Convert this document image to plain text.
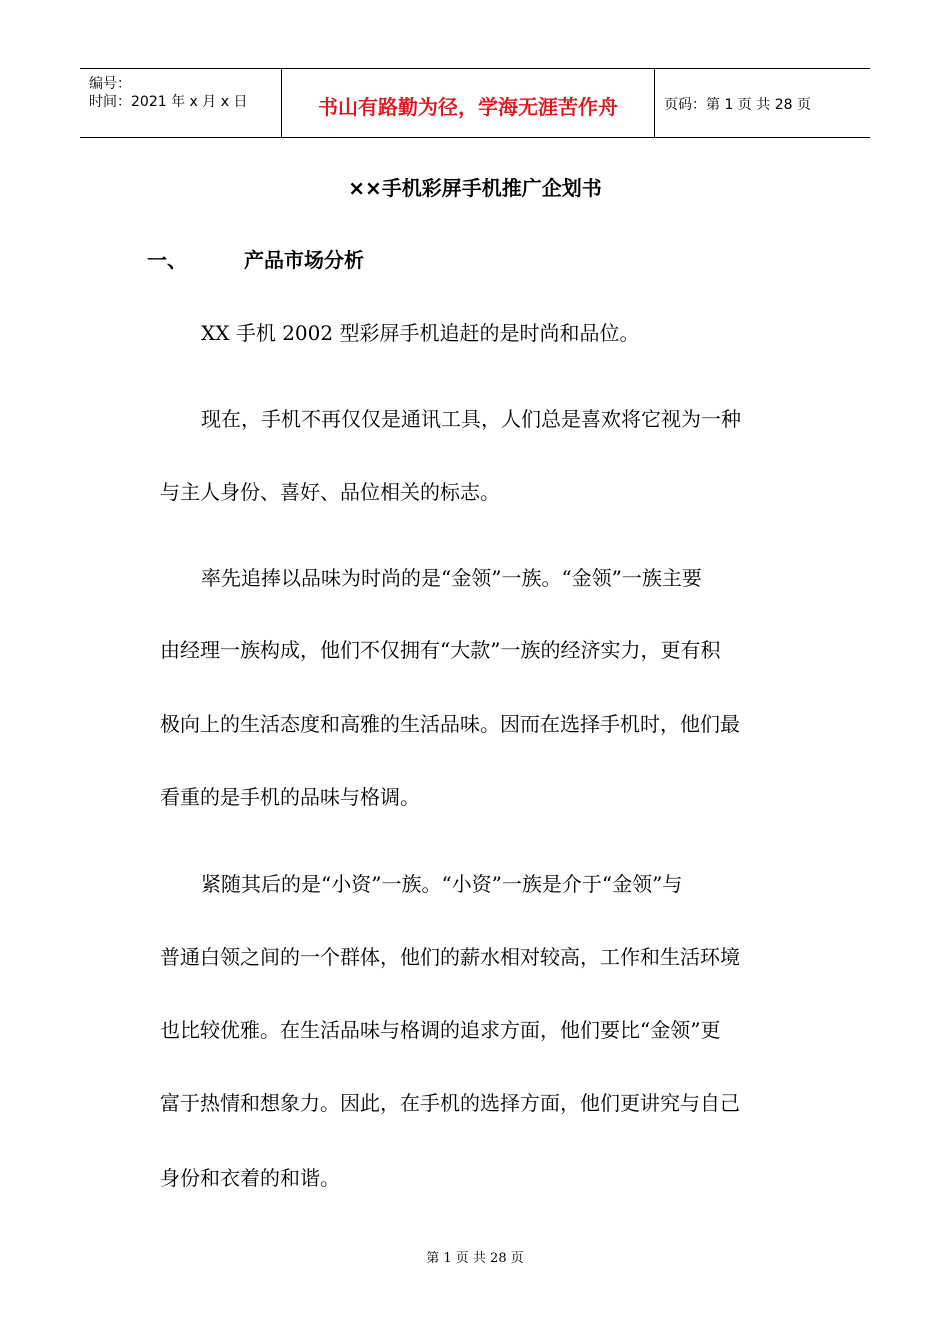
编号：
时间：2021 年 x 月 x 日	书山有路勤为径，学海无涯苦作舟	页码：第 1 页 共 28 页
××手机彩屏手机推广企划书
一、	产品市场分析
XX 手机 2002 型彩屏手机追赶的是时尚和品位。
现在，手机不再仅仅是通讯工具，人们总是喜欢将它视为一种
与主人身份、喜好、品位相关的标志。
率先追捧以品味为时尚的是“金领”一族。“金领”一族主要
由经理一族构成，他们不仅拥有“大款”一族的经济实力，更有积
极向上的生活态度和高雅的生活品味。因而在选择手机时，他们最
看重的是手机的品味与格调。
紧随其后的是“小资”一族。“小资”一族是介于“金领”与
普通白领之间的一个群体，他们的薪水相对较高，工作和生活环境
也比较优雅。在生活品味与格调的追求方面，他们要比“金领”更
富于热情和想象力。因此，在手机的选择方面，他们更讲究与自己
身份和衣着的和谐。
第 1 页 共 28 页
